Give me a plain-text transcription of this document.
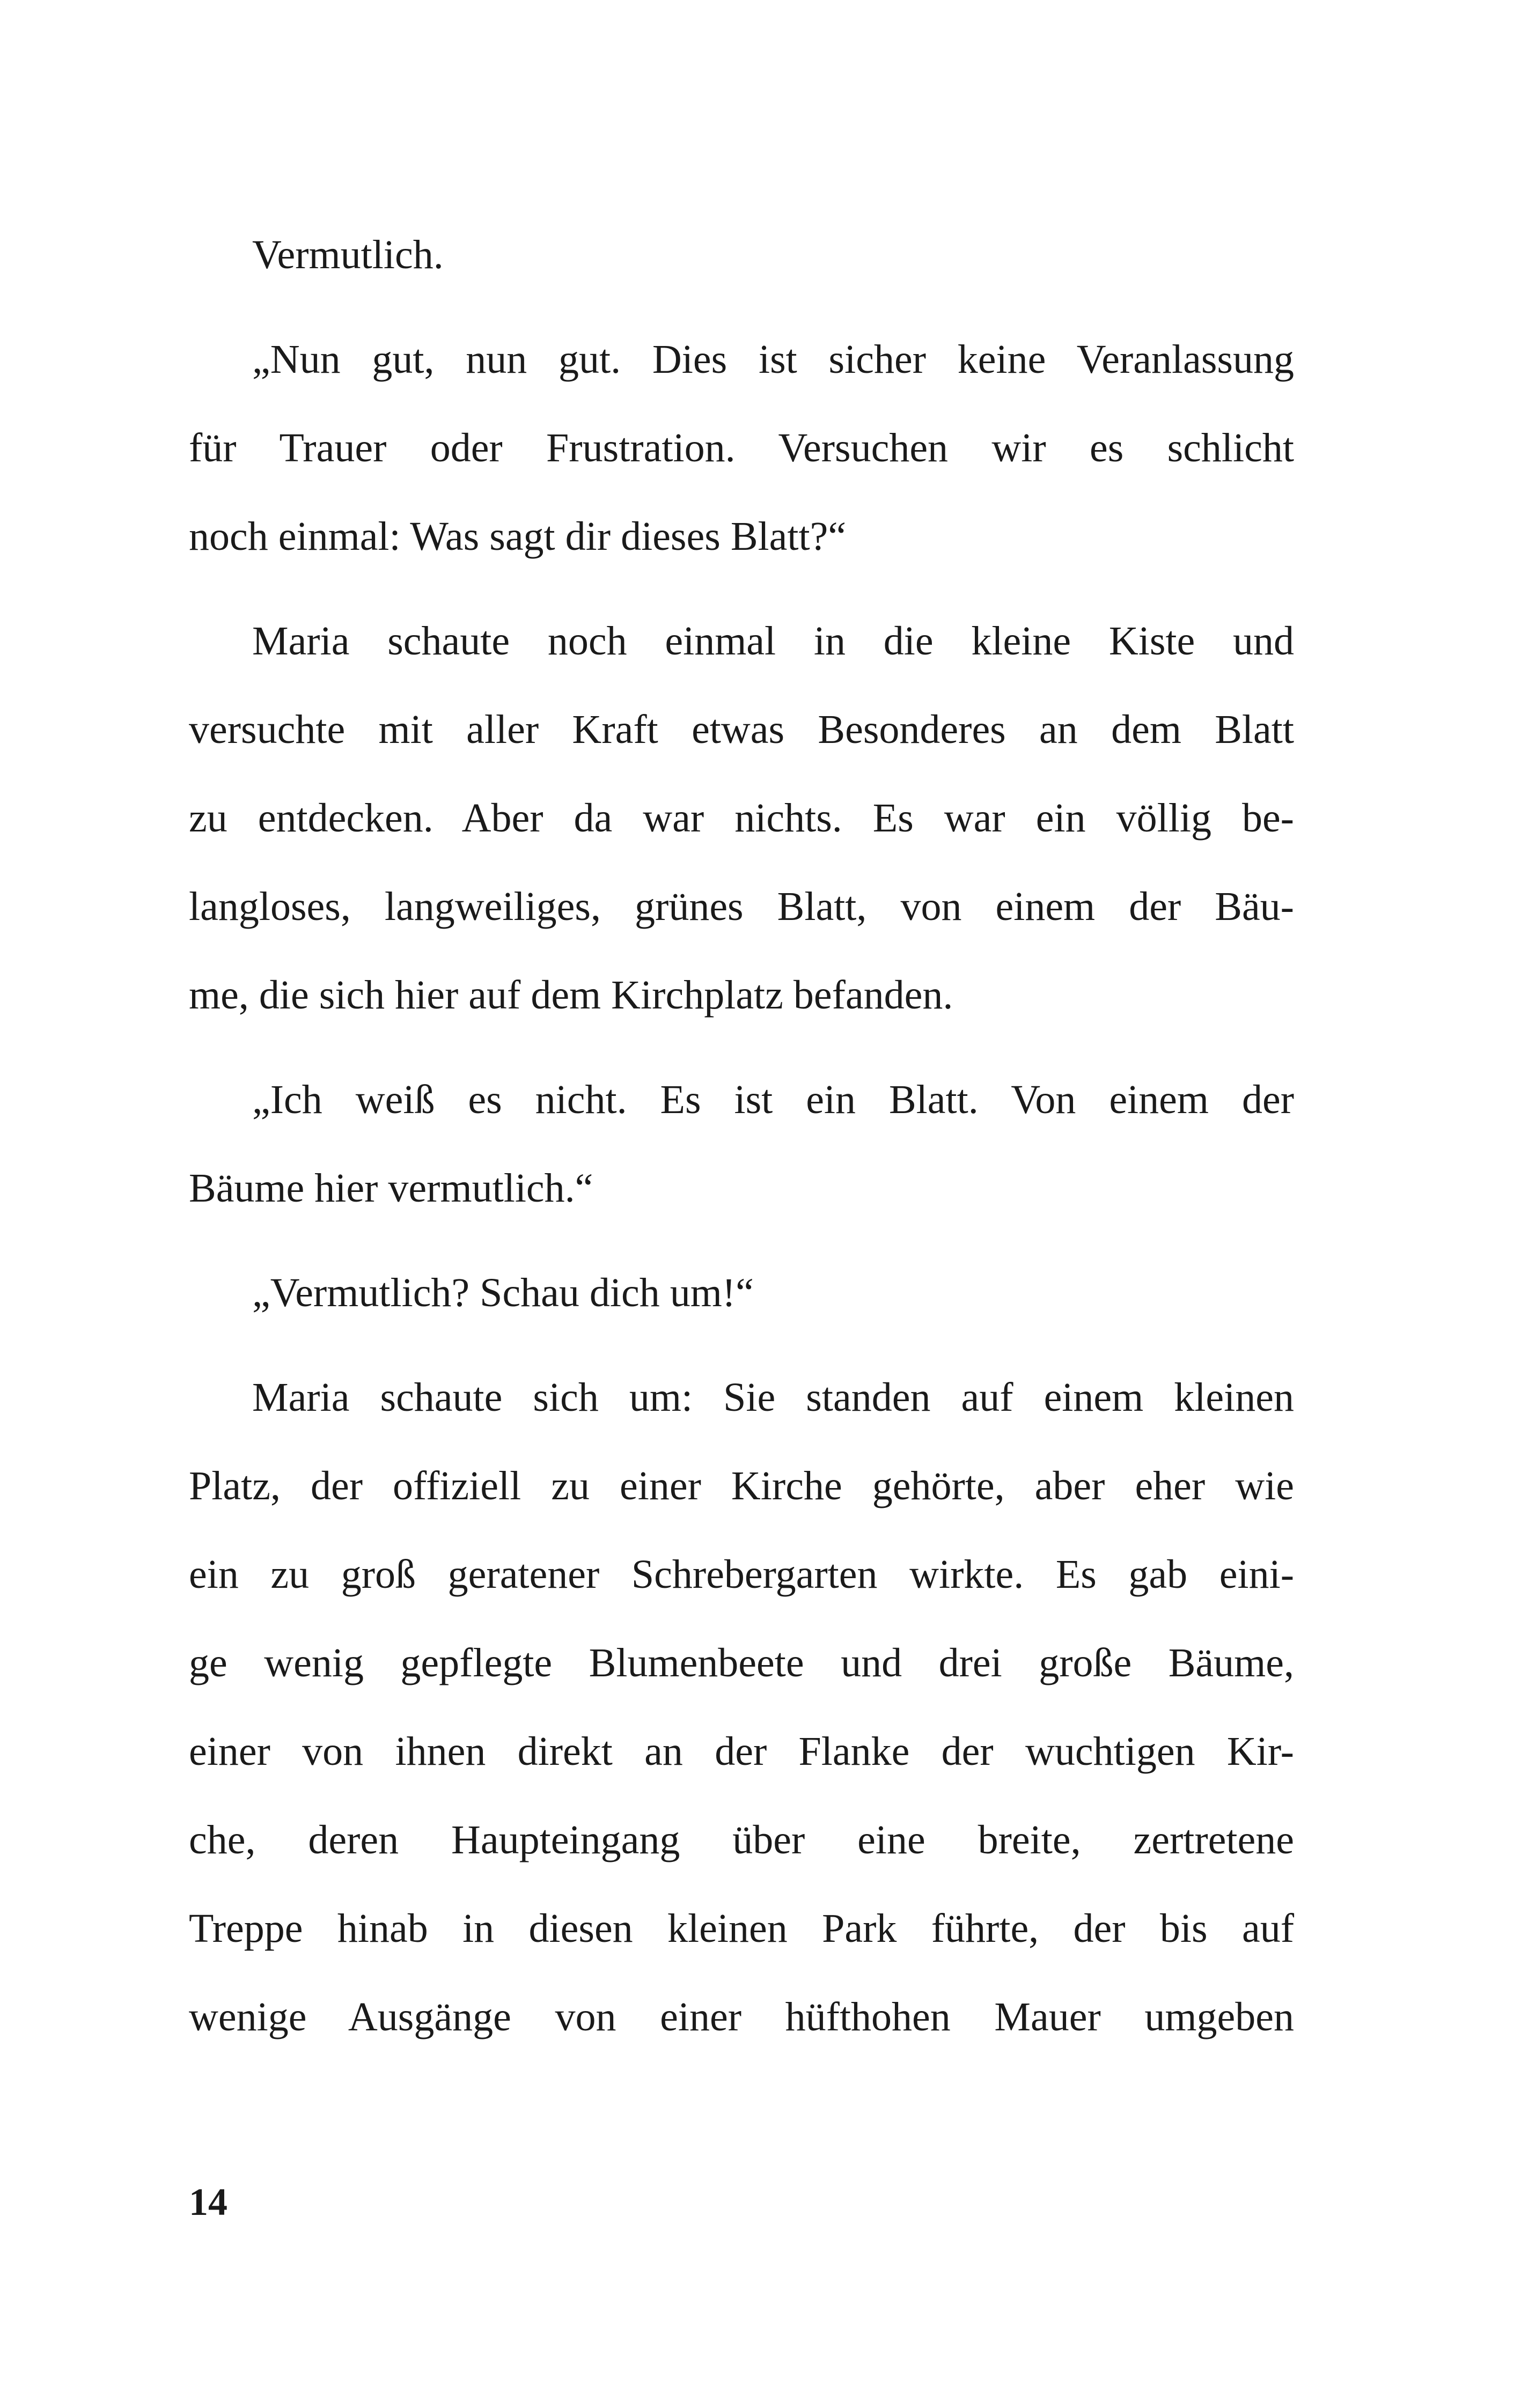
Vermutlich.
„Nun gut, nun gut. Dies ist sicher keine Veranlassung
für Trauer oder Frustration. Versuchen wir es schlicht
noch einmal: Was sagt dir dieses Blatt?“
Maria schaute noch einmal in die kleine Kiste und
versuchte mit aller Kraft etwas Besonderes an dem Blatt
zu entdecken. Aber da war nichts. Es war ein völlig be-
langloses, langweiliges, grünes Blatt, von einem der Bäu-
me, die sich hier auf dem Kirchplatz befanden.
„Ich weiß es nicht. Es ist ein Blatt. Von einem der
Bäume hier vermutlich.“
„Vermutlich? Schau dich um!“
Maria schaute sich um: Sie standen auf einem kleinen
Platz, der offiziell zu einer Kirche gehörte, aber eher wie
ein zu groß geratener Schrebergarten wirkte. Es gab eini-
ge wenig gepflegte Blumenbeete und drei große Bäume,
einer von ihnen direkt an der Flanke der wuchtigen Kir-
che, deren Haupteingang über eine breite, zertretene
Treppe hinab in diesen kleinen Park führte, der bis auf
wenige Ausgänge von einer hüfthohen Mauer umgeben
14
